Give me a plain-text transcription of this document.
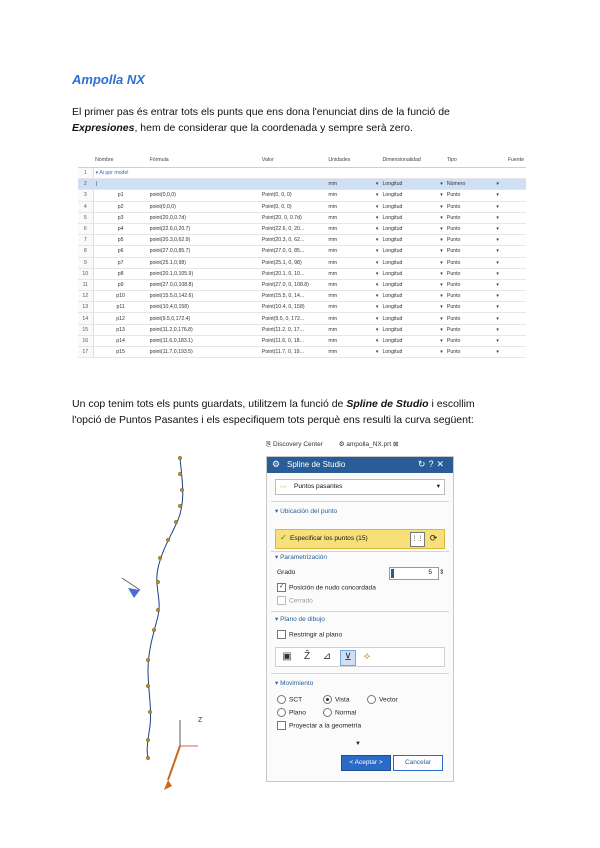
Ampolla NX
El primer pas és entrar tots els punts que ens dona l'enunciat dins de la funció de
Expresiones, hem de considerar que la coordenada y sempre serà zero.
	Nombre	Fórmula	Valor	Unidades	Dimensionalidad	Tipo	Fuente
1	▾ Ai ppr model						
2	|			mm ▾	Longitud ▾	Número ▾	

3	p1	point(0,0,0)	Point(0, 0, 0)	mm ▾	Longitud ▾	Punto ▾	

4	p2	point(0,0,0)	Point(0, 0, 0)	mm ▾	Longitud ▾	Punto ▾	

5	p3	point(20,0,0.7d)	Point(20, 0, 0.7d)	mm ▾	Longitud ▾	Punto ▾	

6	p4	point(22.6,0,20.7)	Point(22.6, 0, 20...	mm ▾	Longitud ▾	Punto ▾	

7	p5	point(20.3,0,62.9)	Point(20.3, 0, 62...	mm ▾	Longitud ▾	Punto ▾	

8	p6	point(27.0,0,85.7)	Point(27.0, 0, 85...	mm ▾	Longitud ▾	Punto ▾	

9	p7	point(25.1,0,98)	Point(25.1, 0, 98)	mm ▾	Longitud ▾	Punto ▾	

10	p8	point(20.1,0,105.9)	Point(20.1, 0, 10...	mm ▾	Longitud ▾	Punto ▾	

11	p9	point(27.0,0,108.8)	Point(27.0, 0, 108.8)	mm ▾	Longitud ▾	Punto ▾	

12	p10	point(15.5,0,142.6)	Point(15.5, 0, 14...	mm ▾	Longitud ▾	Punto ▾	

13	p11	point(10.4,0,158)	Point(10.4, 0, 158)	mm ▾	Longitud ▾	Punto ▾	

14	p12	point(9.5,0,172.4)	Point(9.5, 0, 172...	mm ▾	Longitud ▾	Punto ▾	

15	p13	point(11.2,0,176.8)	Point(11.2, 0, 17...	mm ▾	Longitud ▾	Punto ▾	

16	p14	point(11.6,0,183.1)	Point(11.6, 0, 18...	mm ▾	Longitud ▾	Punto ▾	

17	p15	point(11.7,0,193.5)	Point(11.7, 0, 19...	mm ▾	Longitud ▾	Punto ▾	

Un cop tenim tots els punts guardats, utilitzem la funció de Spline de Studio i escollim
l'opció de Puntos Pasantes i els especifiquem tots perquè ens resulti la curva següent:
Z
⎘ Discovery Center ⚙ ampolla_NX.prt ⊠
⚙ Spline de Studio	↻?✕
〰 Puntos pasantes	▾
▾ Ubicación del punto
✓ Especificar los puntos (15)	⋮⋮ ⟳
▾ Parametrización
Grado	5 ⇕
✓ Posición de nudo concordada
Cerrado
▾ Plano de dibujo
Restringir al plano
▣	Ẑ	⊿	⊻	⟡
▾ Movimiento
SCT	Vista	Vector
Plano	Normal
Proyectar a la geometría
▼
< Aceptar >	Cancelar
